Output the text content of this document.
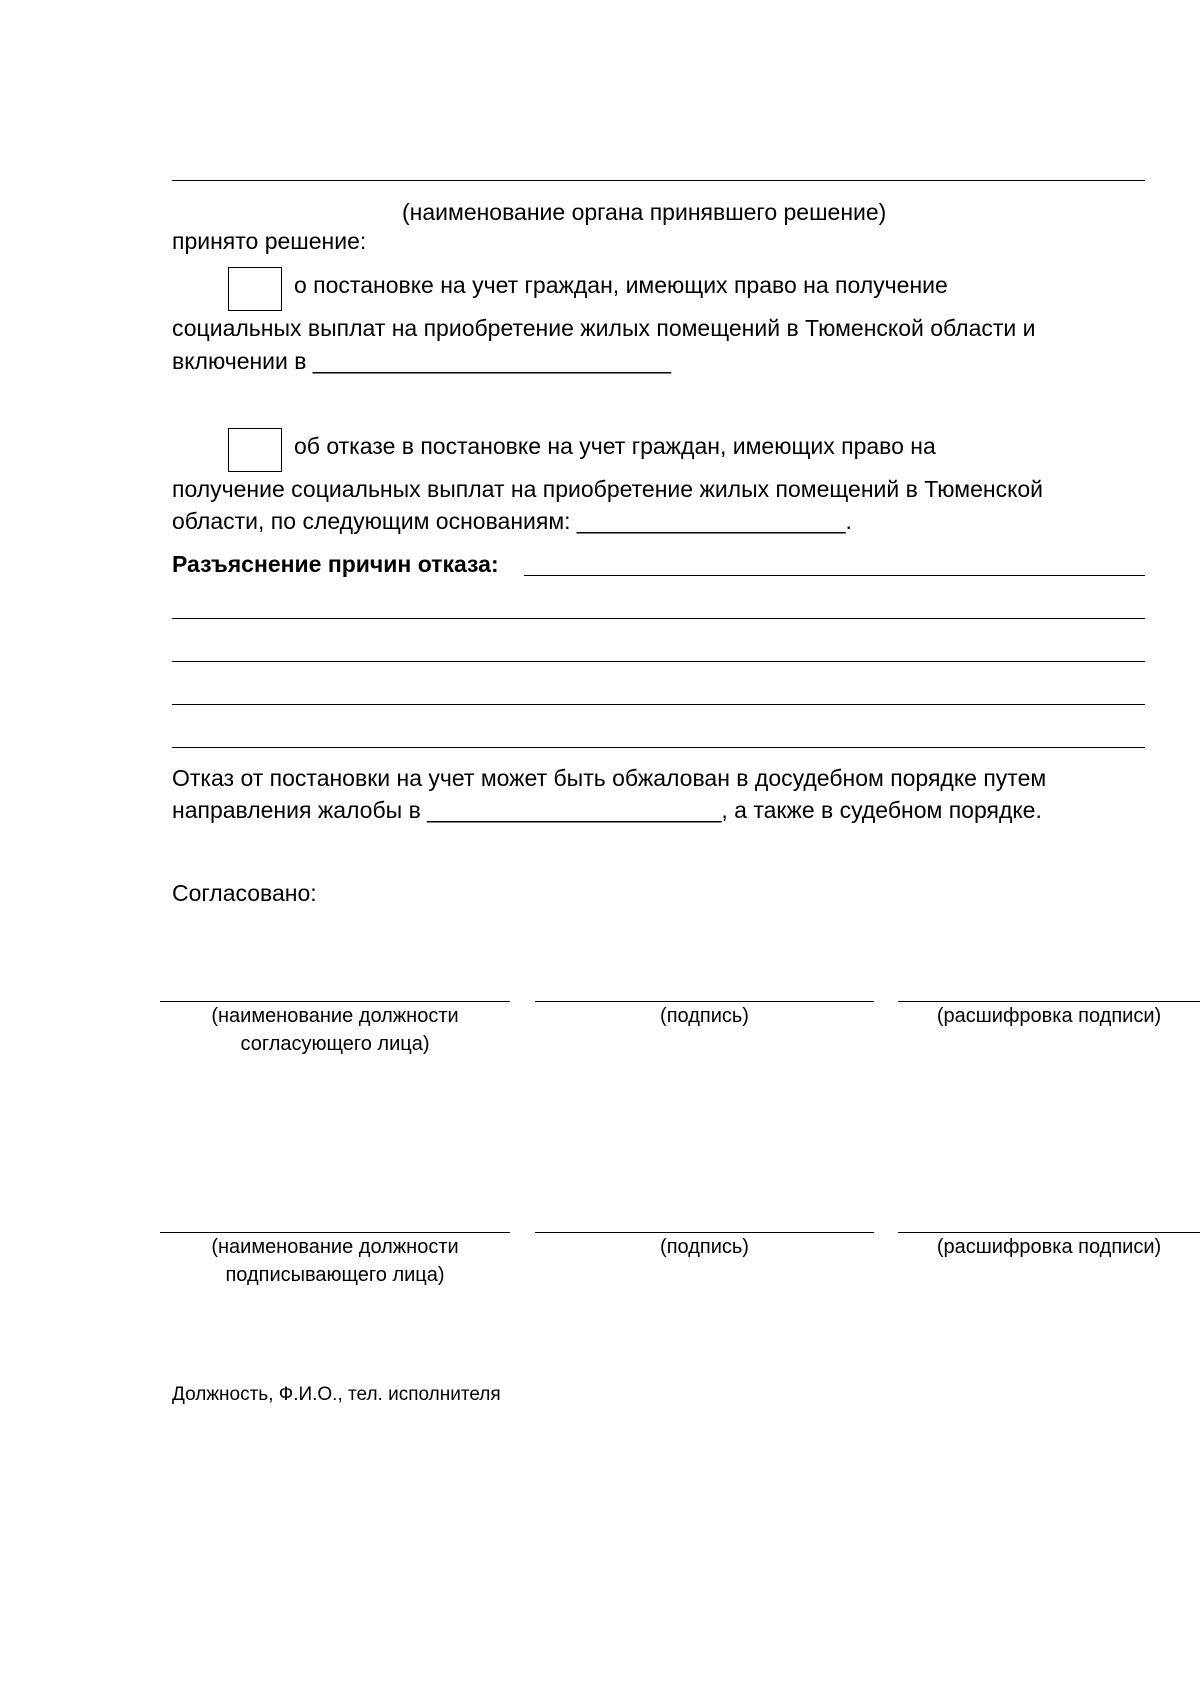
(наименование органа принявшего решение)
принято решение:
о постановке на учет граждан, имеющих право на получение
социальных выплат на приобретение жилых помещений в Тюменской области и
включении в ____________________________
об отказе в постановке на учет граждан, имеющих право на
получение социальных выплат на приобретение жилых помещений в Тюменской
области, по следующим основаниям: _____________________.
Разъяснение причин отказа:
Отказ от постановки на учет может быть обжалован в досудебном порядке путем
направления жалобы в _______________________, а также в судебном порядке.
Согласовано:
(наименование должности
согласующего лица)
(подпись)	(расшифровка подписи)
(наименование должности
подписывающего лица)
(подпись)	(расшифровка подписи)
Должность, Ф.И.О., тел. исполнителя
